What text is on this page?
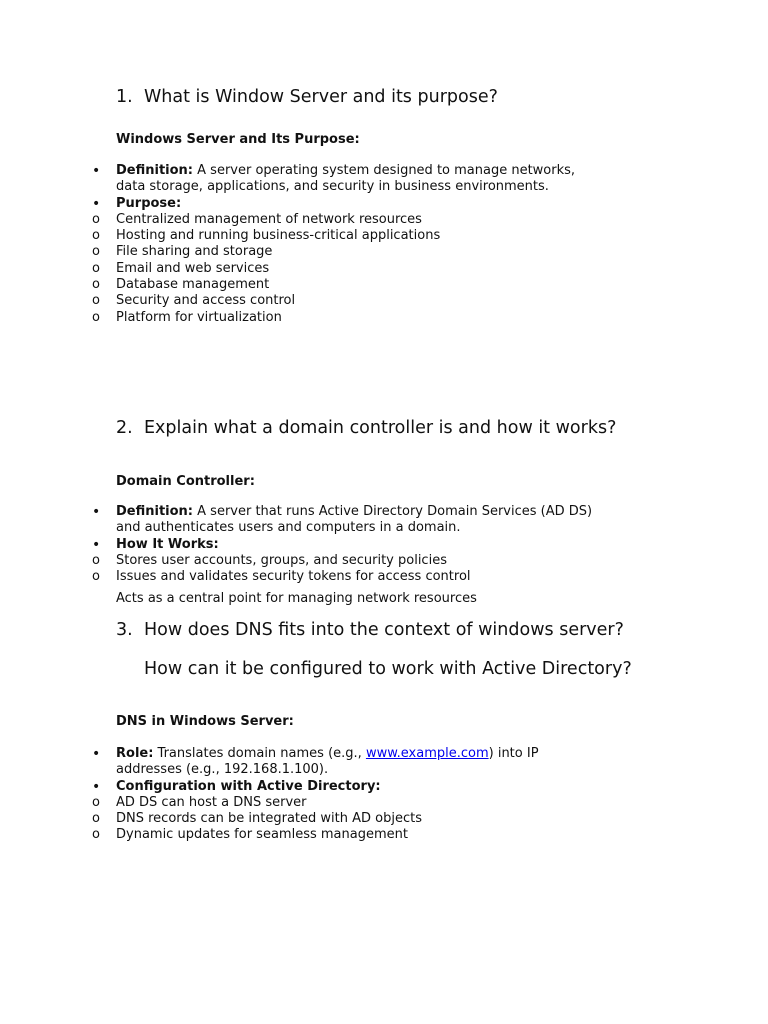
1. What is Window Server and its purpose?
Windows Server and Its Purpose:
•	Definition: A server operating system designed to manage networks, data storage, applications, and security in business environments.
•	Purpose:
o	Centralized management of network resources
o	Hosting and running business-critical applications
o	File sharing and storage
o	Email and web services
o	Database management
o	Security and access control
o	Platform for virtualization
2. Explain what a domain controller is and how it works?
Domain Controller:
•	Definition: A server that runs Active Directory Domain Services (AD DS) and authenticates users and computers in a domain.
•	How It Works:
o	Stores user accounts, groups, and security policies
o	Issues and validates security tokens for access control
Acts as a central point for managing network resources
3. How does DNS fits into the context of windows server?
How can it be configured to work with Active Directory?
DNS in Windows Server:
•	Role: Translates domain names (e.g., www.example.com) into IP addresses (e.g., 192.168.1.100).
•	Configuration with Active Directory:
o	AD DS can host a DNS server
o	DNS records can be integrated with AD objects
o	Dynamic updates for seamless management
